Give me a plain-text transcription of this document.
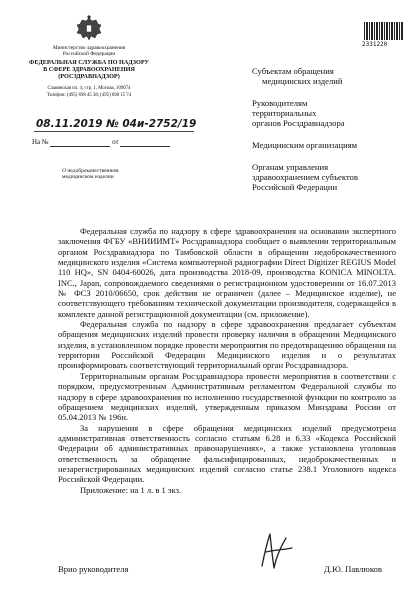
2331220
Министерство здравоохранения
Российской Федерации
ФЕДЕРАЛЬНАЯ СЛУЖБА ПО НАДЗОРУ
В СФЕРЕ ЗДРАВООХРАНЕНИЯ
(РОСЗДРАВНАДЗОР)
Славянская пл. 4, стр. 1, Москва, 109074
Телефон: (495) 698 45 38; (495) 698 15 74
08.11.2019 № 04и-2752/19
На №	от
О недоброкачественном
медицинском изделии
Субъектам обращения
медицинских изделий
Руководителям
территориальных
органов Росздравнадзора
Медицинским организациям
Органам управления
здравоохранением субъектов
Российской Федерации

Федеральная служба по надзору в сфере здравоохранения на основании экспертного заключения ФГБУ «ВНИИИМТ» Росздравнадзора сообщает о выявлении территориальным органом Росздравнадзора по Тамбовской области в обращении недоброкачественного медицинского изделия «Система компьютерной радиографии Direct Digitizer REGIUS Model 110 HQ», SN 0404-60026, дата производства 2018-09, производства KONICA MINOLTA. INC., Japan, сопровождаемого сведениями о регистрационном удостоверении от 16.07.2013 № ФСЗ 2010/06650, срок действия не ограничен (далее – Медицинское изделие), не соответствующего требованиям технической документации производителя, содержащейся в комплекте данной регистрационной документации (см. приложение).

Федеральная служба по надзору в сфере здравоохранения предлагает субъектам обращения медицинских изделий провести проверку наличия в обращении Медицинского изделия, в установленном порядке провести мероприятия по предотвращению обращения на территории Российской Федерации Медицинского изделия и о результатах проинформировать соответствующий территориальный орган Росздравнадзора.

Территориальным органам Росздравнадзора провести мероприятия в соответствии с порядком, предусмотренным Административным регламентом Федеральной службы по надзору в сфере здравоохранения по исполнению государственной функции по контролю за обращением медицинских изделий, утвержденным приказом Минздрава России от 05.04.2013 № 196н.

За нарушения в сфере обращения медицинских изделий предусмотрена административная ответственность согласно статьям 6.28 и 6.33 «Кодекса Российской Федерации об административных правонарушениях», а также установлена уголовная ответственность за обращение фальсифицированных, недоброкачественных и незарегистрированных медицинских изделий согласно статье 238.1 Уголовного кодекса Российской Федерации.

Приложение: на 1 л. в 1 экз.

Врио руководителя	Д.Ю. Павлюков
